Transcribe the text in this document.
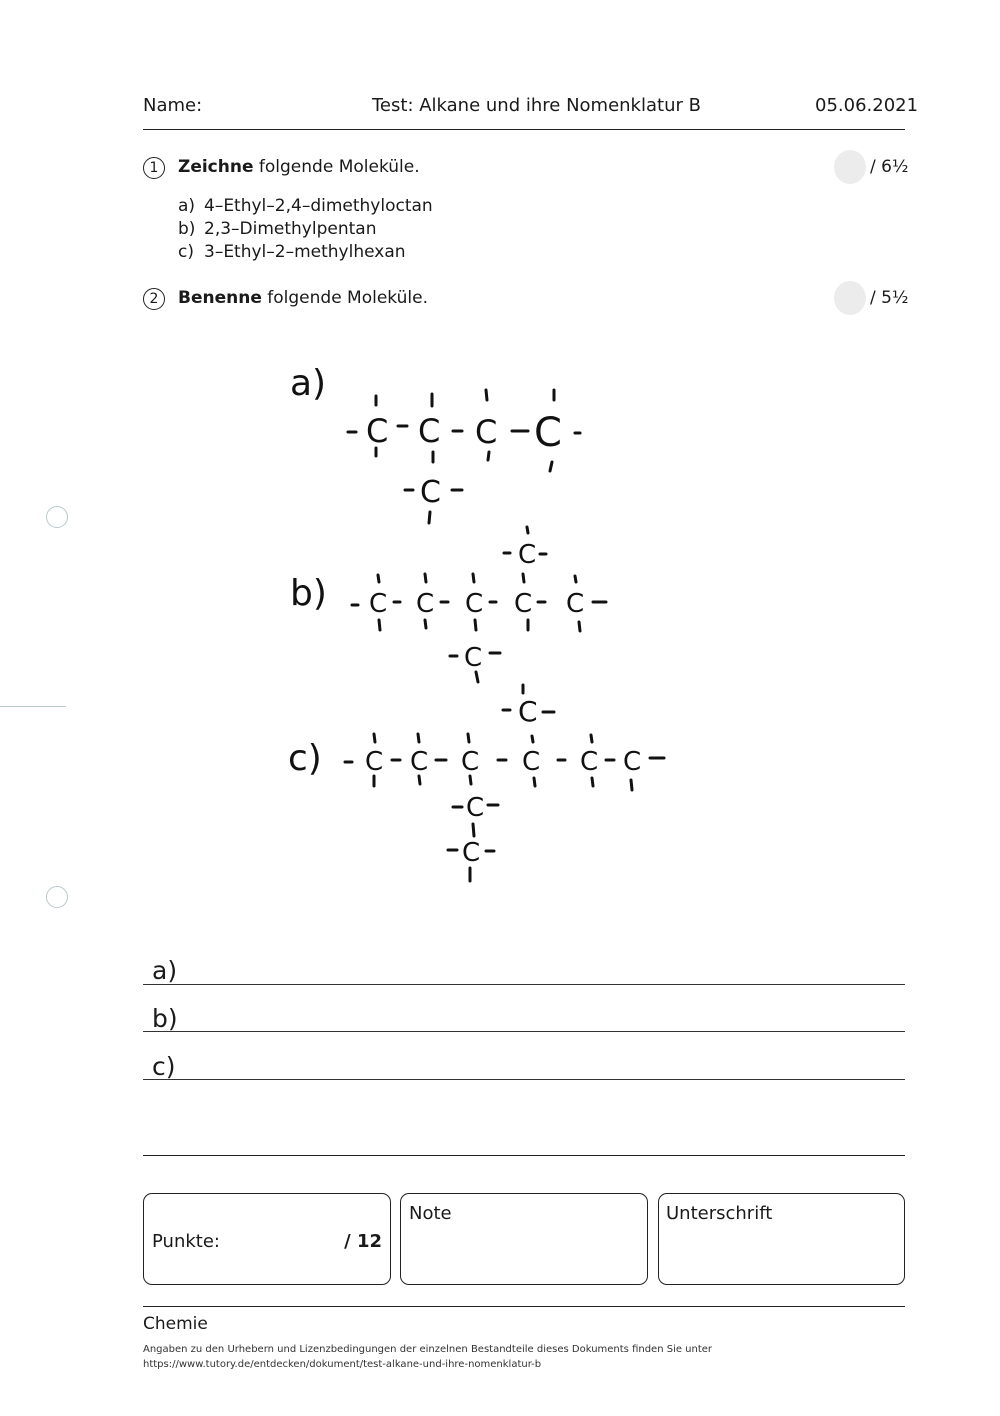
Name:	Test: Alkane und ihre Nomenklatur B	05.06.2021
1	Zeichne folgende Moleküle.	/ 6½
a) 4–Ethyl–2,4–dimethyloctan
b) 2,3–Dimethylpentan
c) 3–Ethyl–2–methylhexan
2	Benenne folgende Moleküle.	/ 5½
a)
C C C C
C
b)
C
C C C C C
C
c)
C
C C C C C C
C
C
a)
b)
c)
Punkte:	/ 12
Note	Unterschrift
Chemie
Angaben zu den Urhebern und Lizenzbedingungen der einzelnen Bestandteile dieses Dokuments finden Sie unter
https://www.tutory.de/entdecken/dokument/test-alkane-und-ihre-nomenklatur-b
